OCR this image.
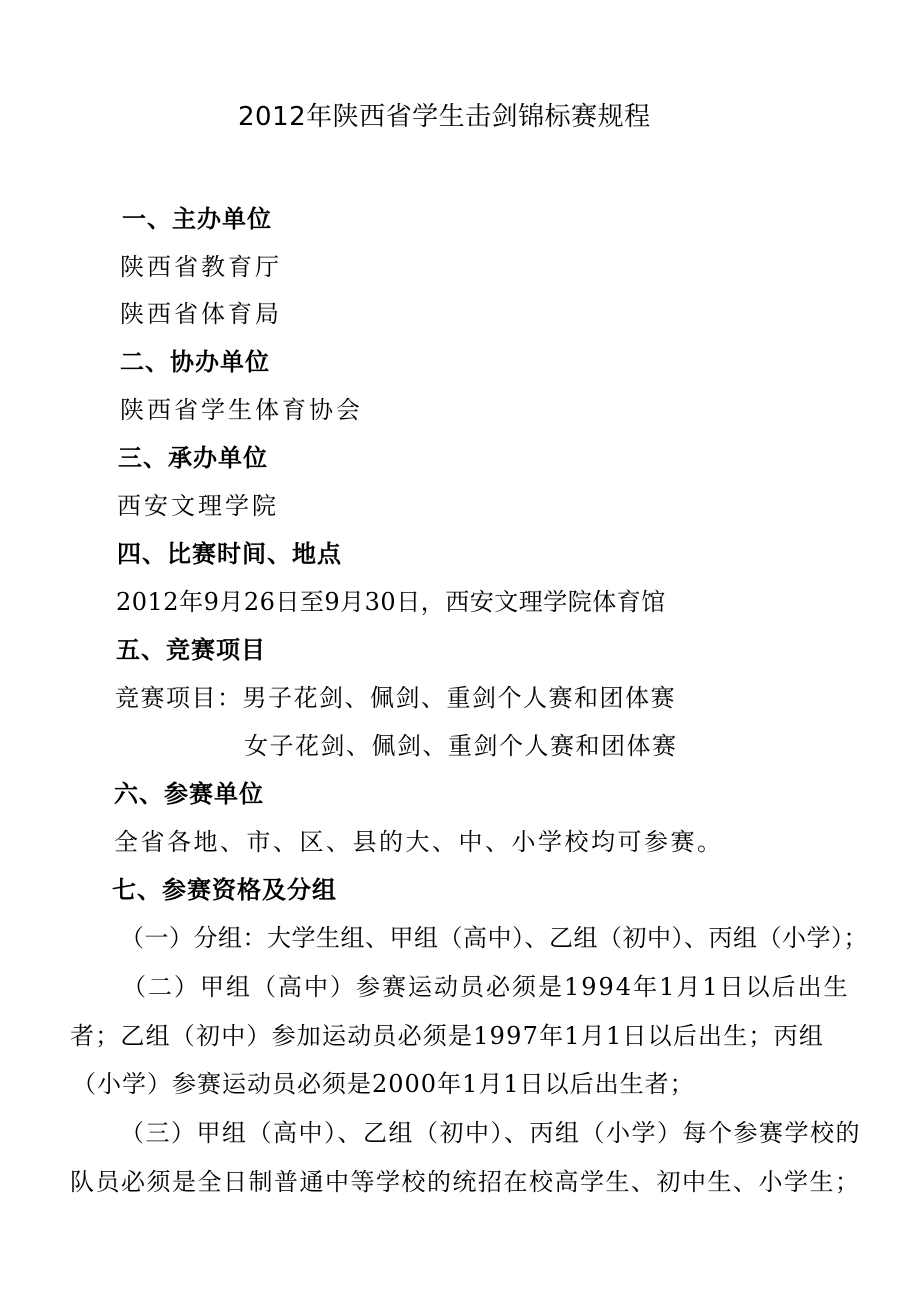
2012年陕西省学生击剑锦标赛规程
一、主办单位
陕西省教育厅
陕西省体育局
二、协办单位
陕西省学生体育协会
三、承办单位
西安文理学院
四、比赛时间、地点
2012年9月26日至9月30日，西安文理学院体育馆
五、竞赛项目
竞赛项目：男子花剑、佩剑、重剑个人赛和团体赛
女子花剑、佩剑、重剑个人赛和团体赛
六、参赛单位
全省各地、市、区、县的大、中、小学校均可参赛。
七、参赛资格及分组
（一）分组：大学生组、甲组（高中）、乙组（初中）、丙组（小学）；
（二）甲组（高中）参赛运动员必须是1994年1月1日以后出生
者；乙组（初中）参加运动员必须是1997年1月1日以后出生；丙组
（小学）参赛运动员必须是2000年1月1日以后出生者；
（三）甲组（高中）、乙组（初中）、丙组（小学）每个参赛学校的
队员必须是全日制普通中等学校的统招在校高学生、初中生、小学生；
